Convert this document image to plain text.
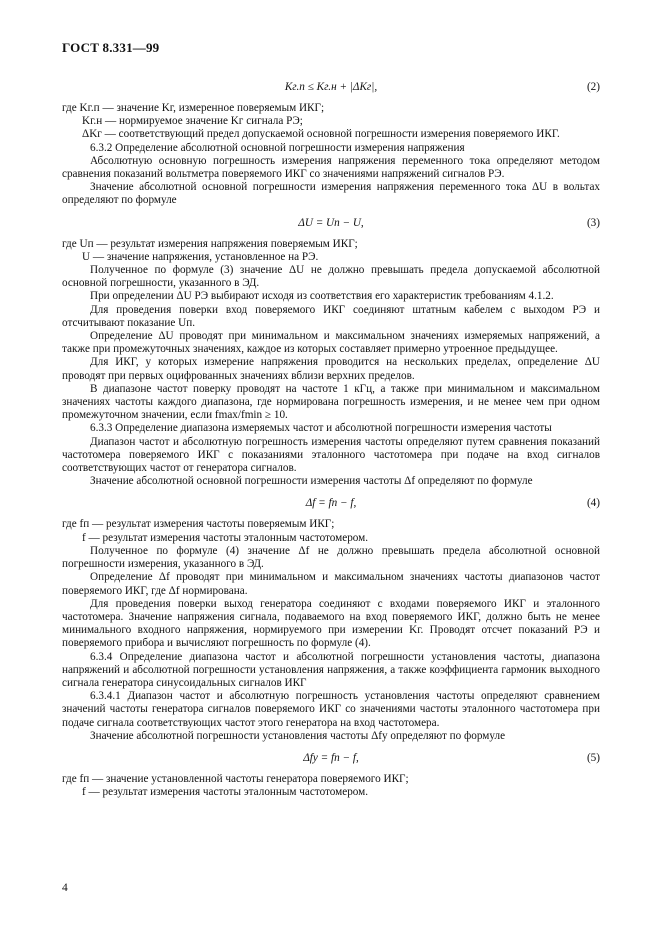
ГОСТ 8.331—99
Kг.п ≤ Kг.н + |ΔKг|,	(2)

где Kг.п — значение Kг, измеренное поверяемым ИКГ;

Kг.н — нормируемое значение Kг сигнала РЭ;

ΔKг — соответствующий предел допускаемой основной погрешности измерения поверяемого ИКГ.

6.3.2 Определение абсолютной основной погрешности измерения напряжения

Абсолютную основную погрешность измерения напряжения переменного тока определяют методом сравнения показаний вольтметра поверяемого ИКГ со значениями напряжений сигналов РЭ.

Значение абсолютной основной погрешности измерения напряжения переменного тока ΔU в вольтах определяют по формуле

ΔU = Uп − U,	(3)

где Uп — результат измерения напряжения поверяемым ИКГ;

U — значение напряжения, установленное на РЭ.

Полученное по формуле (3) значение ΔU не должно превышать предела допускаемой абсолютной основной погрешности, указанного в ЭД.

При определении ΔU РЭ выбирают исходя из соответствия его характеристик требованиям 4.1.2.

Для проведения поверки вход поверяемого ИКГ соединяют штатным кабелем с выходом РЭ и отсчитывают показание Uп.

Определение ΔU проводят при минимальном и максимальном значениях измеряемых напряжений, а также при промежуточных значениях, каждое из которых составляет примерно утроенное предыдущее.

Для ИКГ, у которых измерение напряжения проводится на нескольких пределах, определение ΔU проводят при первых оцифрованных значениях вблизи верхних пределов.

В диапазоне частот поверку проводят на частоте 1 кГц, а также при минимальном и максимальном значениях частоты каждого диапазона, где нормирована погрешность измерения, и не менее чем при одном промежуточном значении, если fmax/fmin ≥ 10.

6.3.3 Определение диапазона измеряемых частот и абсолютной погрешности измерения частоты

Диапазон частот и абсолютную погрешность измерения частоты определяют путем сравнения показаний частотомера поверяемого ИКГ с показаниями эталонного частотомера при подаче на вход сигналов соответствующих частот от генератора сигналов.

Значение абсолютной основной погрешности измерения частоты Δf определяют по формуле

Δf = fп − f,	(4)

где fп — результат измерения частоты поверяемым ИКГ;

f — результат измерения частоты эталонным частотомером.

Полученное по формуле (4) значение Δf не должно превышать предела абсолютной основной погрешности измерения, указанного в ЭД.

Определение Δf проводят при минимальном и максимальном значениях частоты диапазонов частот поверяемого ИКГ, где Δf нормирована.

Для проведения поверки выход генератора соединяют с входами поверяемого ИКГ и эталонного частотомера. Значение напряжения сигнала, подаваемого на вход поверяемого ИКГ, должно быть не менее минимального входного напряжения, нормируемого при измерении Kг. Проводят отсчет показаний РЭ и поверяемого прибора и вычисляют погрешность по формуле (4).

6.3.4 Определение диапазона частот и абсолютной погрешности установления частоты, диапазона напряжений и абсолютной погрешности установления напряжения, а также коэффициента гармоник выходного сигнала генератора синусоидальных сигналов ИКГ

6.3.4.1 Диапазон частот и абсолютную погрешность установления частоты определяют сравнением значений частоты генератора сигналов поверяемого ИКГ со значениями частоты эталонного частотомера при подаче сигнала соответствующих частот этого генератора на вход частотомера.

Значение абсолютной погрешности установления частоты Δfу определяют по формуле

Δfу = fп − f,	(5)

где fп — значение установленной частоты генератора поверяемого ИКГ;

f — результат измерения частоты эталонным частотомером.

4
